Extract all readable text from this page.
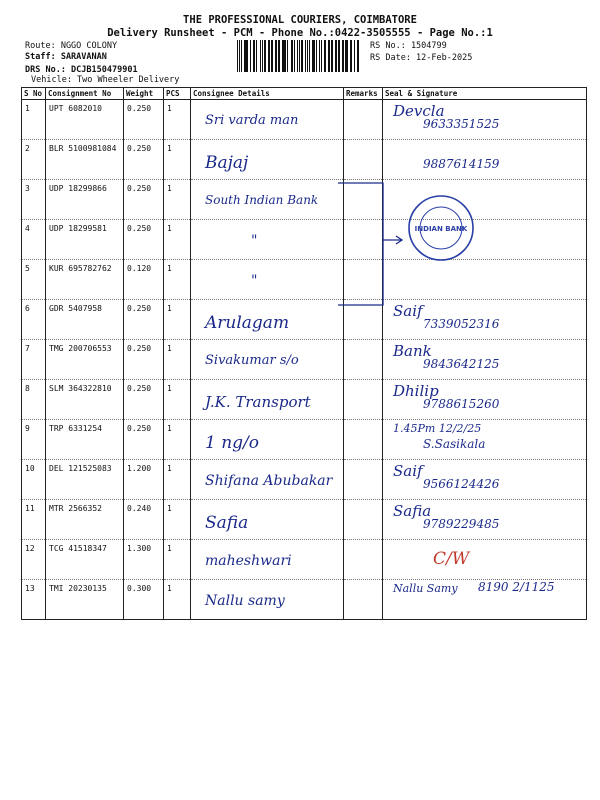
THE PROFESSIONAL COURIERS, COIMBATORE
Delivery Runsheet - PCM - Phone No.:0422-3505555 - Page No.:1
Route: NGGO COLONY
Staff: SARAVANAN
DRS No.: DCJB150479901
Vehicle: Two Wheeler Delivery
RS No.: 1504799
RS Date: 12-Feb-2025
S No	Consignment No	Weight	PCS	Consignee Details	Remarks	Seal & Signature
1	UPT 6082010	0.250	1	Sri varda man		Devcla
9633351525

2	BLR 5100981084	0.250	1	Bajaj		9887614159

3	UDP 18299866	0.250	1	South Indian Bank		

4	UDP 18299581	0.250	1	"		

5	KUR 695782762	0.120	1	"		

6	GDR 5407958	0.250	1	Arulagam		Saif
7339052316

7	TMG 200706553	0.250	1	Sivakumar s/o		Bank
9843642125

8	SLM 364322810	0.250	1	J.K. Transport		Dhilip
9788615260

9	TRP 6331254	0.250	1	1 ng/o		1.45Pm 12/2/25
S.Sasikala

10	DEL 121525083	1.200	1	Shifana Abubakar		Saif
9566124426

11	MTR 2566352	0.240	1	Safia		Safia
9789229485

12	TCG 41518347	1.300	1	maheshwari		C/W

13	TMI 20230135	0.300	1	Nallu samy		Nallu Samy 8190 2/1125
INDIAN BANK
